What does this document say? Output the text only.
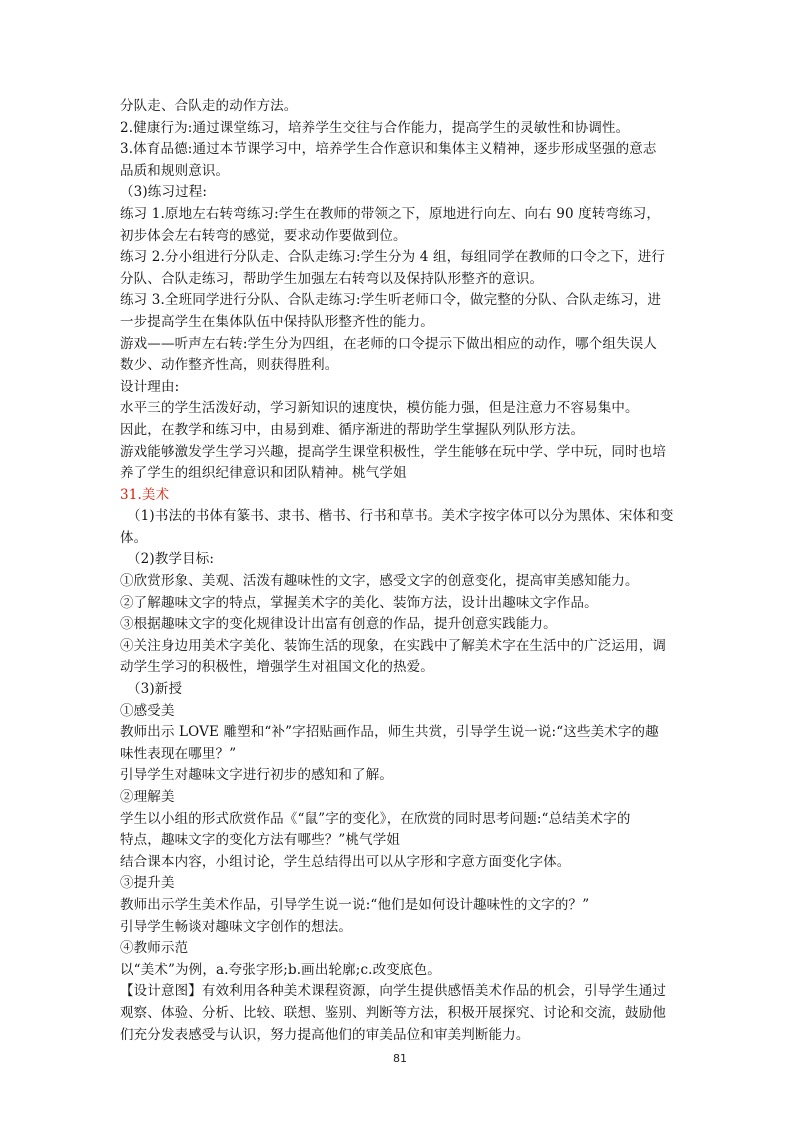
分队走、合队走的动作方法。
2.健康行为:通过课堂练习，培养学生交往与合作能力，提高学生的灵敏性和协调性。
3.体育品德:通过本节课学习中，培养学生合作意识和集体主义精神，逐步形成坚强的意志
品质和规则意识。
（3)练习过程:
练习 1.原地左右转弯练习:学生在教师的带领之下，原地进行向左、向右 90 度转弯练习，
初步体会左右转弯的感觉，要求动作要做到位。
练习 2.分小组进行分队走、合队走练习:学生分为 4 组，每组同学在教师的口令之下，进行
分队、合队走练习，帮助学生加强左右转弯以及保持队形整齐的意识。
练习 3.全班同学进行分队、合队走练习:学生听老师口令，做完整的分队、合队走练习，进
一步提高学生在集体队伍中保持队形整齐性的能力。
游戏——听声左右转:学生分为四组，在老师的口令提示下做出相应的动作，哪个组失误人
数少、动作整齐性高，则获得胜利。
设计理由:
水平三的学生活泼好动，学习新知识的速度快，模仿能力强，但是注意力不容易集中。
因此，在教学和练习中，由易到难、循序渐进的帮助学生掌握队列队形方法。
游戏能够激发学生学习兴趣，提高学生课堂积极性，学生能够在玩中学、学中玩，同时也培
养了学生的组织纪律意识和团队精神。桃气学姐
31.美术
（1)书法的书体有篆书、隶书、楷书、行书和草书。美术字按字体可以分为黑体、宋体和变
体。
（2)教学目标:
①欣赏形象、美观、活泼有趣味性的文字，感受文字的创意变化，提高审美感知能力。
②了解趣味文字的特点，掌握美术字的美化、装饰方法，设计出趣味文字作品。
③根据趣味文字的变化规律设计出富有创意的作品，提升创意实践能力。
④关注身边用美术字美化、装饰生活的现象，在实践中了解美术字在生活中的广泛运用，调
动学生学习的积极性，增强学生对祖国文化的热爱。
（3)新授
①感受美
教师出示 LOVE 雕塑和“补”字招贴画作品，师生共赏，引导学生说一说:“这些美术字的趣
味性表现在哪里？”
引导学生对趣味文字进行初步的感知和了解。
②理解美
学生以小组的形式欣赏作品《“鼠”字的变化》，在欣赏的同时思考问题:“总结美术字的
特点，趣味文字的变化方法有哪些？”桃气学姐
结合课本内容，小组讨论，学生总结得出可以从字形和字意方面变化字体。
③提升美
教师出示学生美术作品，引导学生说一说:“他们是如何设计趣味性的文字的？”
引导学生畅谈对趣味文字创作的想法。
④教师示范
以“美术”为例，a.夸张字形;b.画出轮廓;c.改变底色。
【设计意图】有效利用各种美术课程资源，向学生提供感悟美术作品的机会，引导学生通过
观察、体验、分析、比较、联想、鉴别、判断等方法，积极开展探究、讨论和交流，鼓励他
们充分发表感受与认识，努力提高他们的审美品位和审美判断能力。
81
